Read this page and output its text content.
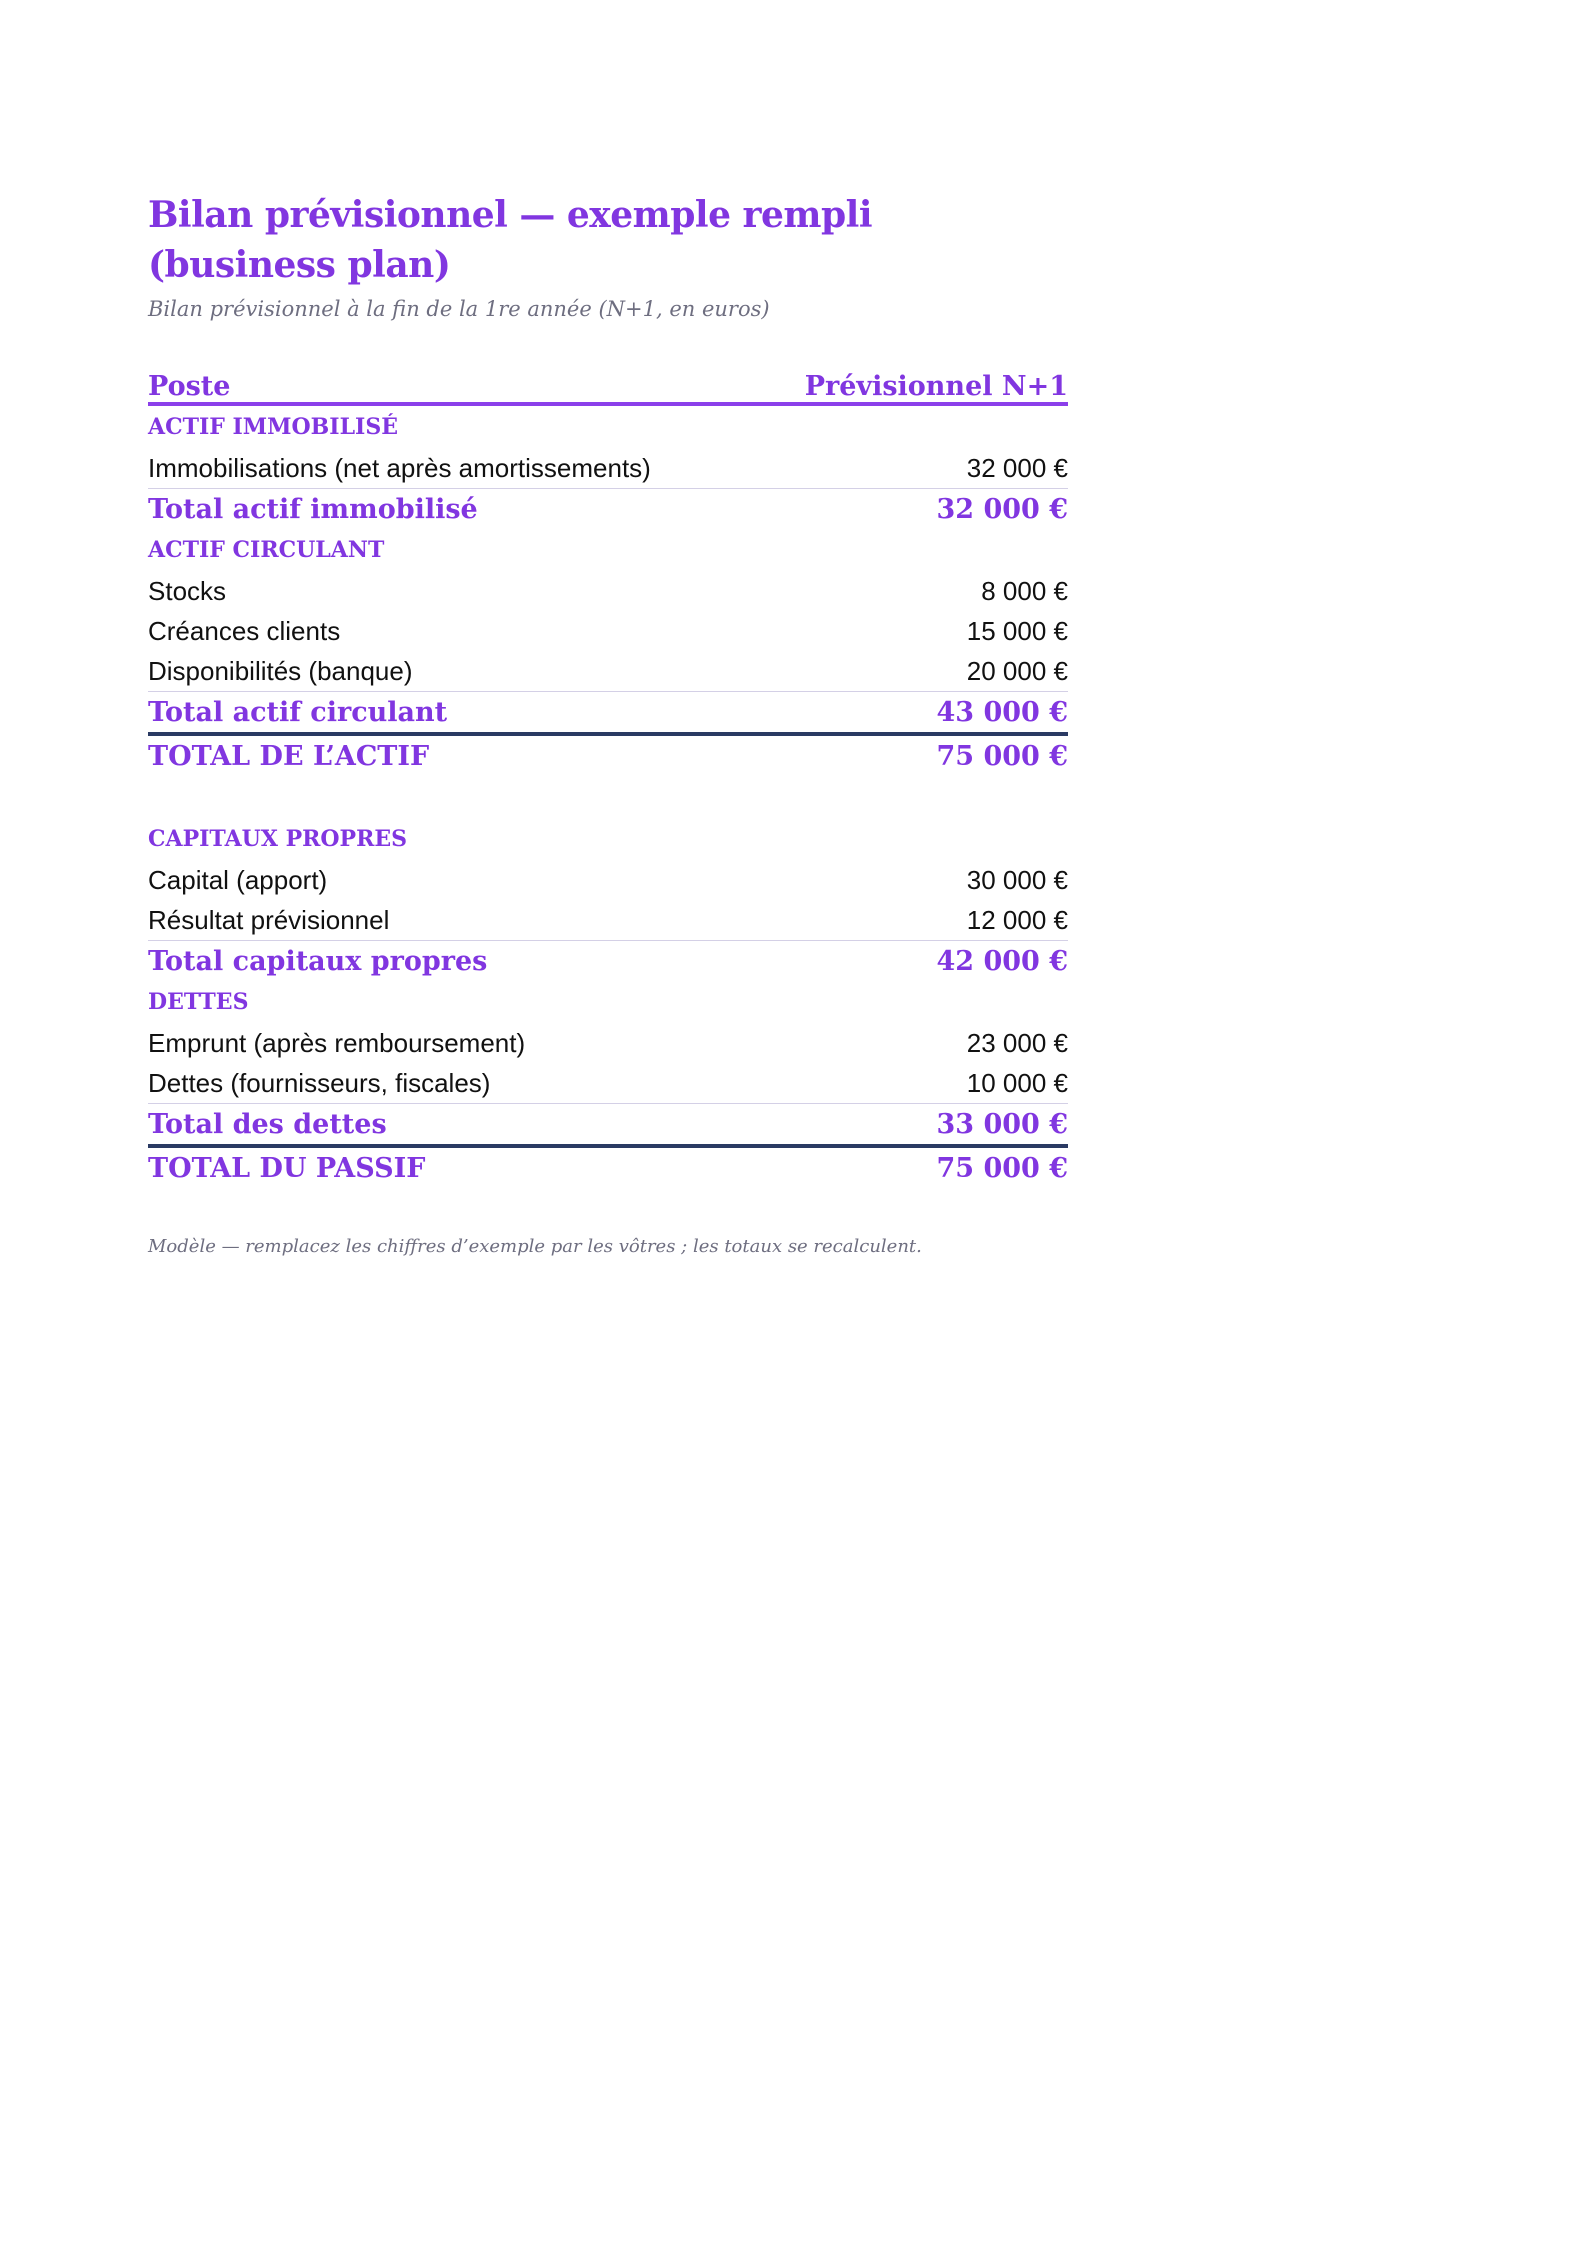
Bilan prévisionnel — exemple rempli (business plan)
Bilan prévisionnel à la fin de la 1re année (N+1, en euros)
Poste	Prévisionnel N+1
ACTIF IMMOBILISÉ	
Immobilisations (net après amortissements)	32 000 €
Total actif immobilisé	32 000 €
ACTIF CIRCULANT	
Stocks	8 000 €
Créances clients	15 000 €
Disponibilités (banque)	20 000 €
Total actif circulant	43 000 €
TOTAL DE L’ACTIF	75 000 €

CAPITAUX PROPRES	
Capital (apport)	30 000 €
Résultat prévisionnel	12 000 €
Total capitaux propres	42 000 €
DETTES	
Emprunt (après remboursement)	23 000 €
Dettes (fournisseurs, fiscales)	10 000 €
Total des dettes	33 000 €
TOTAL DU PASSIF	75 000 €
Modèle — remplacez les chiffres d’exemple par les vôtres ; les totaux se recalculent.
